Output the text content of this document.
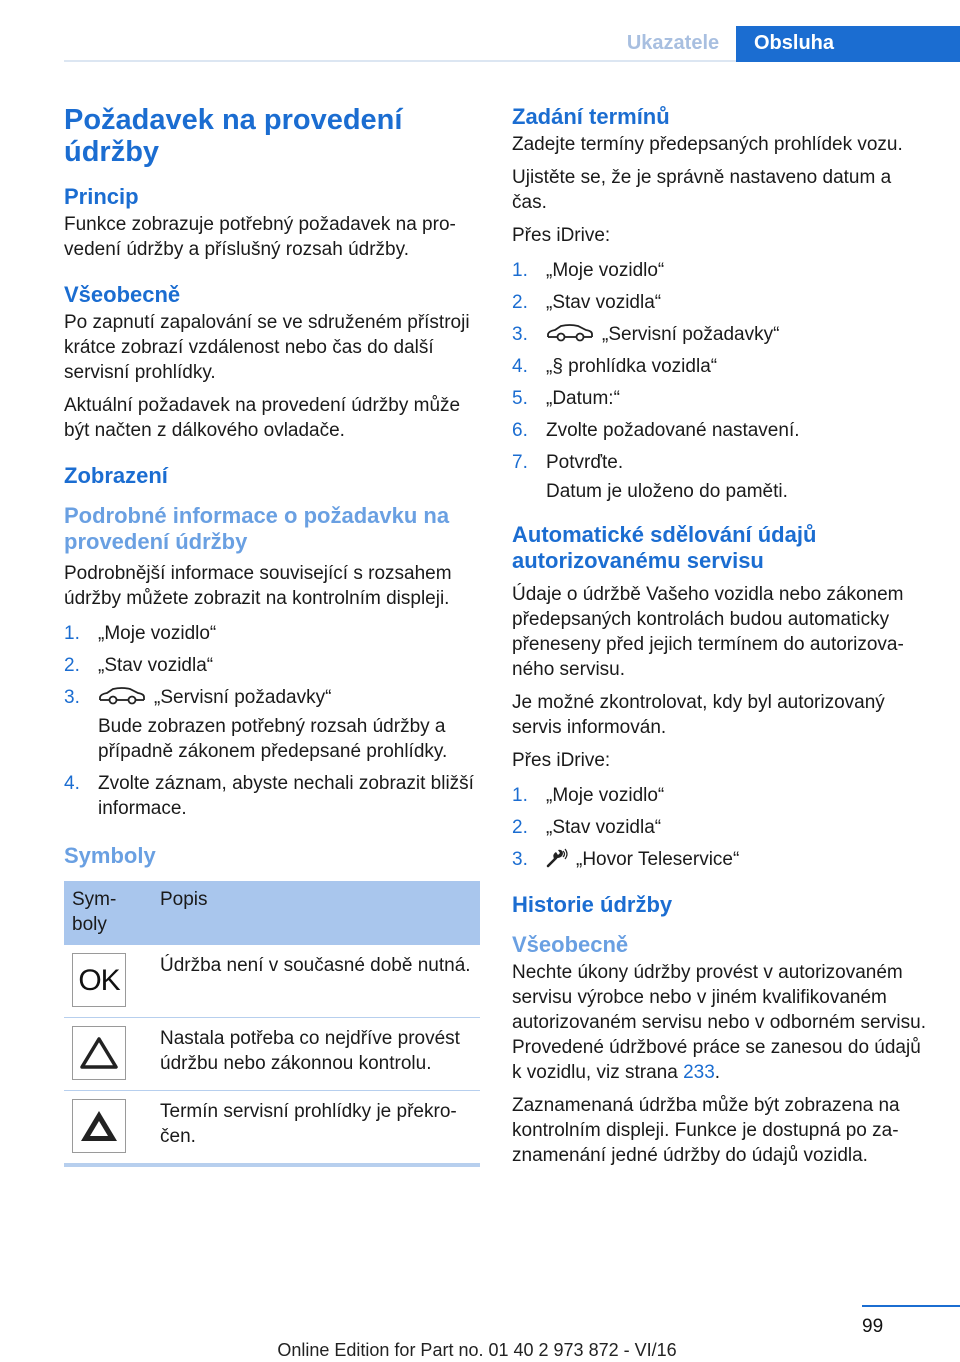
Ukazatele	Obsluha
Požadavek na provedení údržby
Princip

Funkce zobrazuje potřebný požadavek na provedení údržby a příslušný rozsah údržby.

Všeobecně

Po zapnutí zapalování se ve sdruženém přístroji krátce zobrazí vzdálenost nebo čas do další servisní prohlídky.

Aktuální požadavek na provedení údržby může být načten z dálkového ovladače.

Zobrazení
Podrobné informace o požadavku na provedení údržby

Podrobnější informace související s rozsahem údržby můžete zobrazit na kontrolním displeji.

1. „Moje vozidlo“
2. „Stav vozidla“
3.	„Servisní požadavky“
Bude zobrazen potřebný rozsah údržby a případně zákonem předepsané prohlídky.
4. Zvolte záznam, abyste nechali zobrazit bližší informace.
Symboly
Symboly	Popis

OK	Údržba není v současné době nutná.

	Nastala potřeba co nejdříve provést údržbu nebo zákonnou kontrolu.

	Termín servisní prohlídky je překročen.
Zadání termínů

Zadejte termíny předepsaných prohlídek vozu.

Ujistěte se, že je správně nastaveno datum a čas.

Přes iDrive:

1. „Moje vozidlo“
2. „Stav vozidla“
3.	„Servisní požadavky“
4. „§ prohlídka vozidla“
5. „Datum:“
6. Zvolte požadované nastavení.
7. Potvrďte.
Datum je uloženo do paměti.
Automatické sdělování údajů autorizovanému servisu

Údaje o údržbě Vašeho vozidla nebo zákonem předepsaných kontrolách budou automaticky přeneseny před jejich termínem do autorizovaného servisu.

Je možné zkontrolovat, kdy byl autorizovaný servis informován.

Přes iDrive:

1. „Moje vozidlo“
2. „Stav vozidla“
3.	„Hovor Teleservice“
Historie údržby
Všeobecně

Nechte úkony údržby provést v autorizovaném servisu výrobce nebo v jiném kvalifikovaném autorizovaném servisu nebo v odborném servisu. Provedené údržbové práce se zanesou do údajů k vozidlu, viz strana 233.

Zaznamenaná údržba může být zobrazena na kontrolním displeji. Funkce je dostupná po zaznamenání jedné údržby do údajů vozidla.

99
Online Edition for Part no. 01 40 2 973 872 - VI/16
